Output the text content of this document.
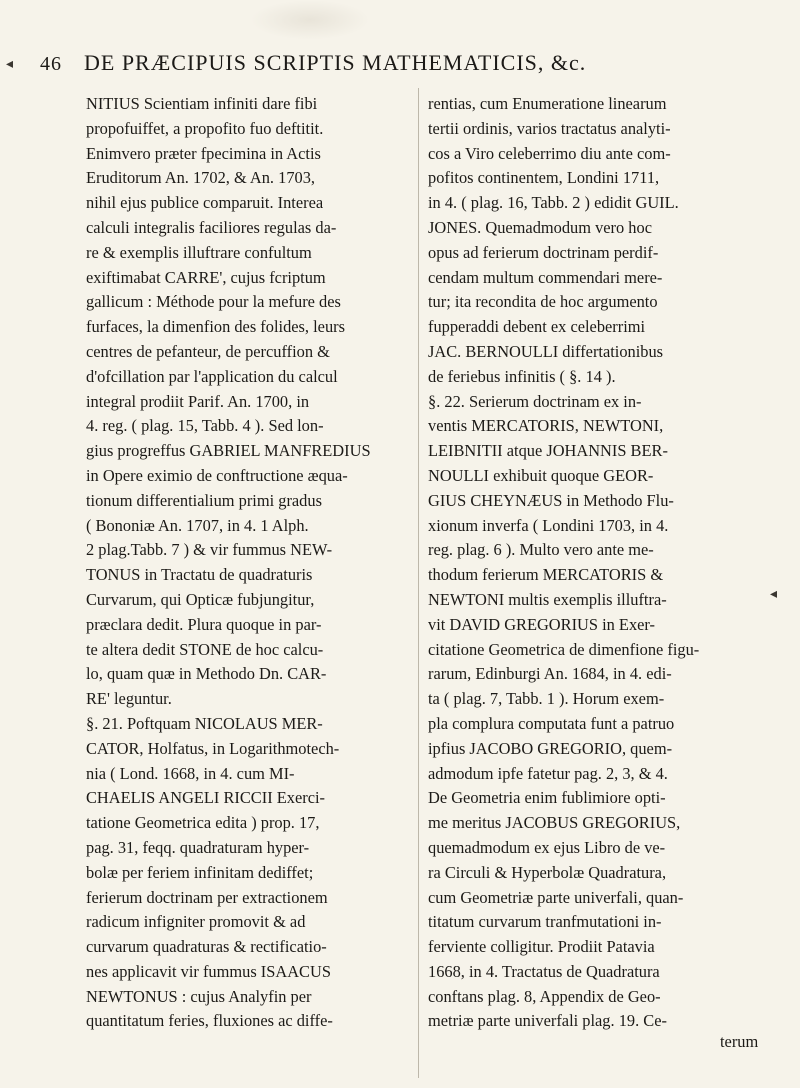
◂ 46	DE PRÆCIPUIS SCRIPTIS MATHEMATICIS, &c.
NITIUS Scientiam infiniti dare fibi
propofuiffet, a propofito fuo deftitit.
Enimvero præter fpecimina in Actis
Eruditorum An. 1702, & An. 1703,
nihil ejus publice comparuit. Interea
calculi integralis faciliores regulas da-
re & exemplis illuftrare confultum
exiftimabat CARRE', cujus fcriptum
gallicum : Méthode pour la mefure des
furfaces, la dimenfion des folides, leurs
centres de pefanteur, de percuffion &
d'ofcillation par l'application du calcul
integral prodiit Parif. An. 1700, in
4. reg. ( plag. 15, Tabb. 4 ). Sed lon-
gius progreffus GABRIEL MANFREDIUS
in Opere eximio de conftructione æqua-
tionum differentialium primi gradus
( Bononiæ An. 1707, in 4. 1 Alph.
2 plag.Tabb. 7 ) & vir fummus NEW-
TONUS in Tractatu de quadraturis
Curvarum, qui Opticæ fubjungitur,
præclara dedit. Plura quoque in par-
te altera dedit STONE de hoc calcu-
lo, quam quæ in Methodo Dn. CAR-
RE' leguntur.
§. 21. Poftquam NICOLAUS MER-
CATOR, Holfatus, in Logarithmotech-
nia ( Lond. 1668, in 4. cum MI-
CHAELIS ANGELI RICCII Exerci-
tatione Geometrica edita ) prop. 17,
pag. 31, feqq. quadraturam hyper-
bolæ per feriem infinitam dediffet;
ferierum doctrinam per extractionem
radicum infigniter promovit & ad
curvarum quadraturas & rectificatio-
nes applicavit vir fummus ISAACUS
NEWTONUS : cujus Analyfin per
quantitatum feries, fluxiones ac diffe-
rentias, cum Enumeratione linearum
tertii ordinis, varios tractatus analyti-
cos a Viro celeberrimo diu ante com-
pofitos continentem, Londini 1711,
in 4. ( plag. 16, Tabb. 2 ) edidit GUIL.
JONES. Quemadmodum vero hoc
opus ad ferierum doctrinam perdif-
cendam multum commendari mere-
tur; ita recondita de hoc argumento
fupperaddi debent ex celeberrimi
JAC. BERNOULLI differtationibus
de feriebus infinitis ( §. 14 ).
§. 22. Serierum doctrinam ex in-
ventis MERCATORIS, NEWTONI,
LEIBNITII atque JOHANNIS BER-
NOULLI exhibuit quoque GEOR-
GIUS CHEYNÆUS in Methodo Flu-
xionum inverfa ( Londini 1703, in 4.
reg. plag. 6 ). Multo vero ante me-
thodum ferierum MERCATORIS &
NEWTONI multis exemplis illuftra-
vit DAVID GREGORIUS in Exer-
citatione Geometrica de dimenfione figu-
rarum, Edinburgi An. 1684, in 4. edi-
ta ( plag. 7, Tabb. 1 ). Horum exem-
pla complura computata funt a patruo
ipfius JACOBO GREGORIO, quem-
admodum ipfe fatetur pag. 2, 3, & 4.
De Geometria enim fublimiore opti-
me meritus JACOBUS GREGORIUS,
quemadmodum ex ejus Libro de ve-
ra Circuli & Hyperbolæ Quadratura,
cum Geometriæ parte univerfali, quan-
titatum curvarum tranfmutationi in-
ferviente colligitur. Prodiit Patavia
1668, in 4. Tractatus de Quadratura
conftans plag. 8, Appendix de Geo-
metriæ parte univerfali plag. 19. Ce-
◂
terum
